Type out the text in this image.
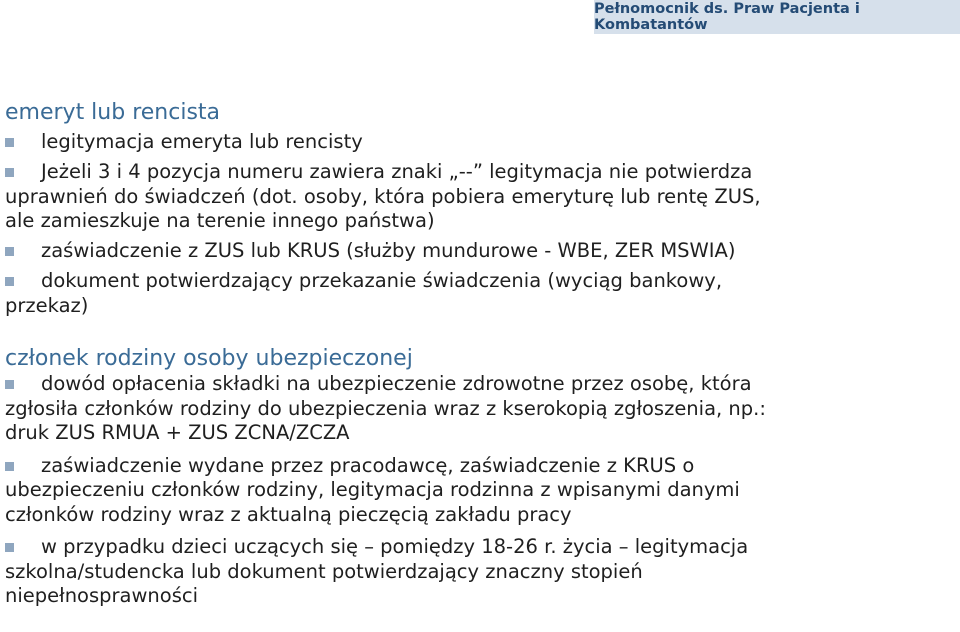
Pełnomocnik ds. Praw Pacjenta i Kombatantów

emeryt lub rencista

legitymacja emeryta lub rencisty

Jeżeli 3 i 4 pozycja numeru zawiera znaki „--” legitymacja nie potwierdza
uprawnień do świadczeń (dot. osoby, która pobiera emeryturę lub rentę ZUS,
ale zamieszkuje na terenie innego państwa)

zaświadczenie z ZUS lub KRUS (służby mundurowe - WBE, ZER MSWIA)

dokument potwierdzający przekazanie świadczenia (wyciąg bankowy,
przekaz)

członek rodziny osoby ubezpieczonej

dowód opłacenia składki na ubezpieczenie zdrowotne przez osobę, która
zgłosiła członków rodziny do ubezpieczenia wraz z kserokopią zgłoszenia, np.:
druk ZUS RMUA + ZUS ZCNA/ZCZA

zaświadczenie wydane przez pracodawcę, zaświadczenie z KRUS o
ubezpieczeniu członków rodziny, legitymacja rodzinna z wpisanymi danymi
członków rodziny wraz z aktualną pieczęcią zakładu pracy

w przypadku dzieci uczących się – pomiędzy 18-26 r. życia – legitymacja
szkolna/studencka lub dokument potwierdzający znaczny stopień
niepełnosprawności
